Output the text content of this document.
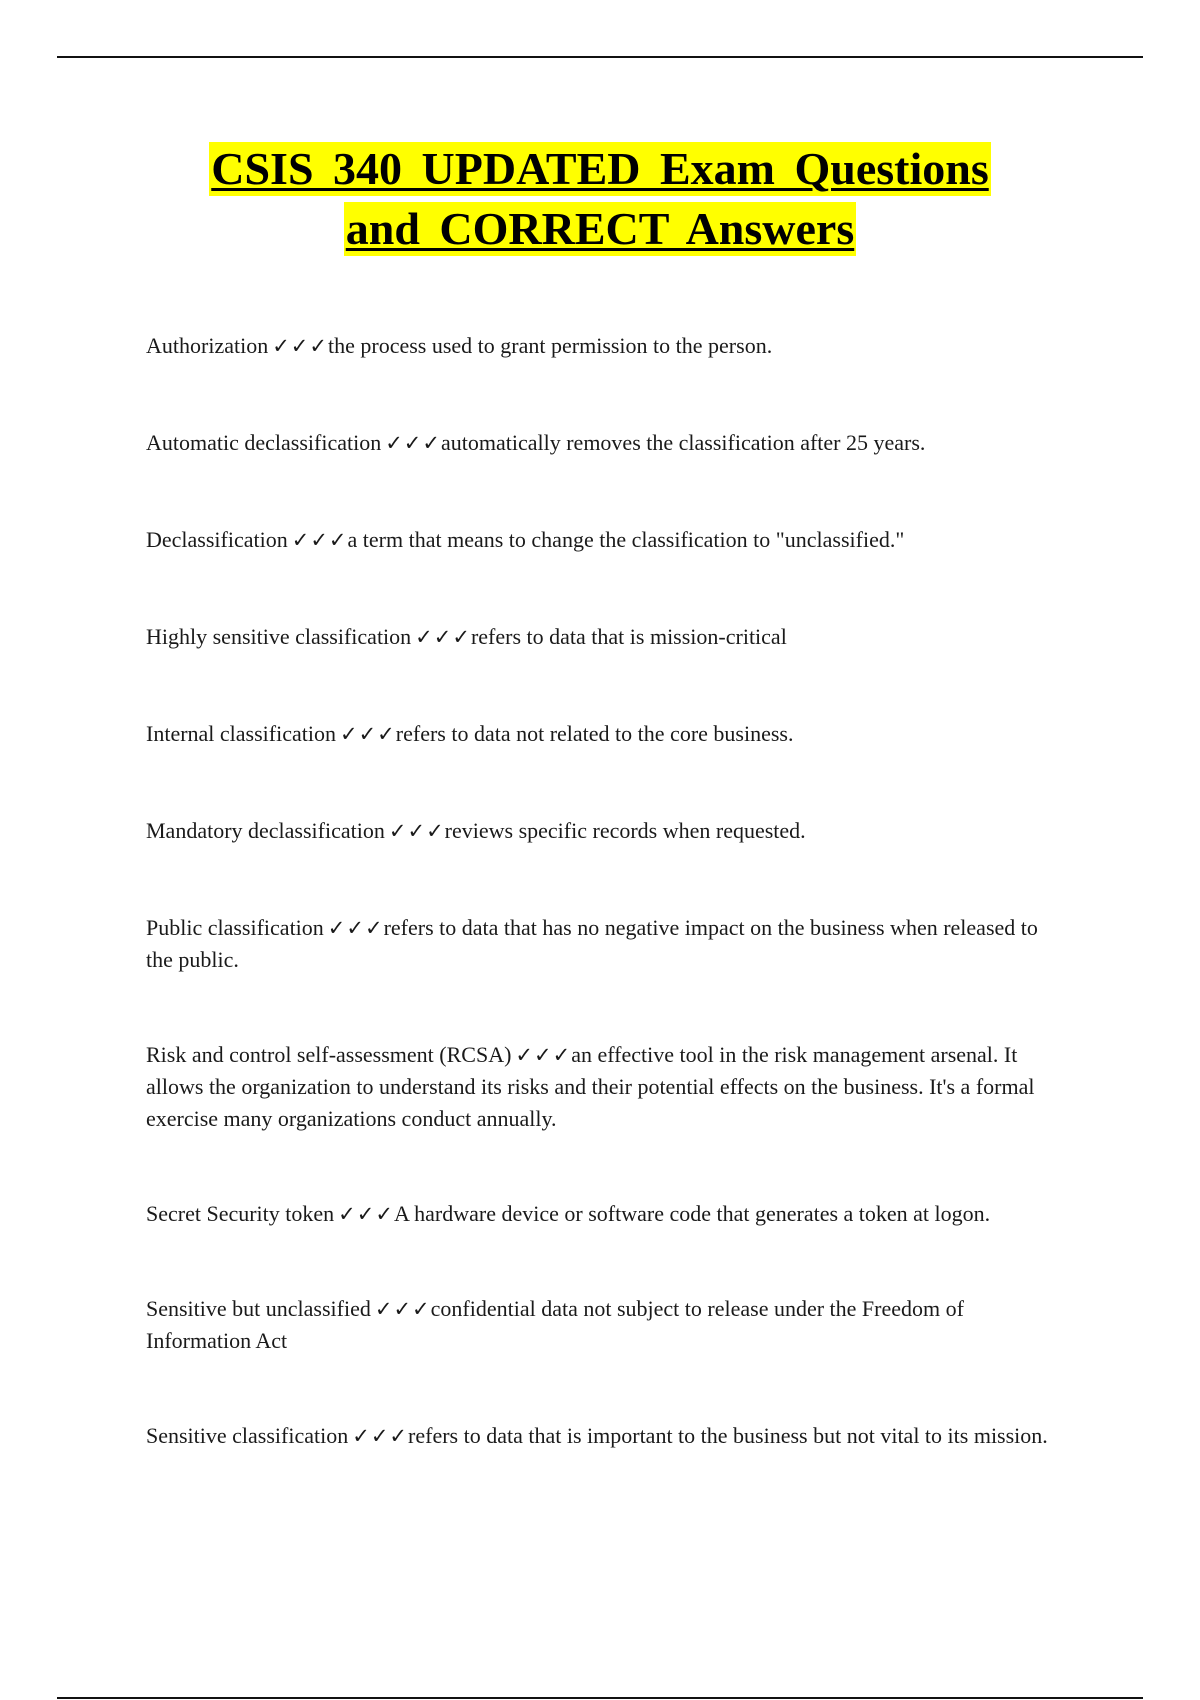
CSIS 340 UPDATED Exam Questions
and CORRECT Answers

Authorization ✓✓✓the process used to grant permission to the person.

Automatic declassification ✓✓✓automatically removes the classification after 25 years.

Declassification ✓✓✓a term that means to change the classification to "unclassified."

Highly sensitive classification ✓✓✓refers to data that is mission-critical

Internal classification ✓✓✓refers to data not related to the core business.

Mandatory declassification ✓✓✓reviews specific records when requested.

Public classification ✓✓✓refers to data that has no negative impact on the business when released to the public.

Risk and control self-assessment (RCSA) ✓✓✓an effective tool in the risk management arsenal. It allows the organization to understand its risks and their potential effects on the business. It's a formal exercise many organizations conduct annually.

Secret Security token ✓✓✓A hardware device or software code that generates a token at logon.

Sensitive but unclassified ✓✓✓confidential data not subject to release under the Freedom of Information Act

Sensitive classification ✓✓✓refers to data that is important to the business but not vital to its mission.
